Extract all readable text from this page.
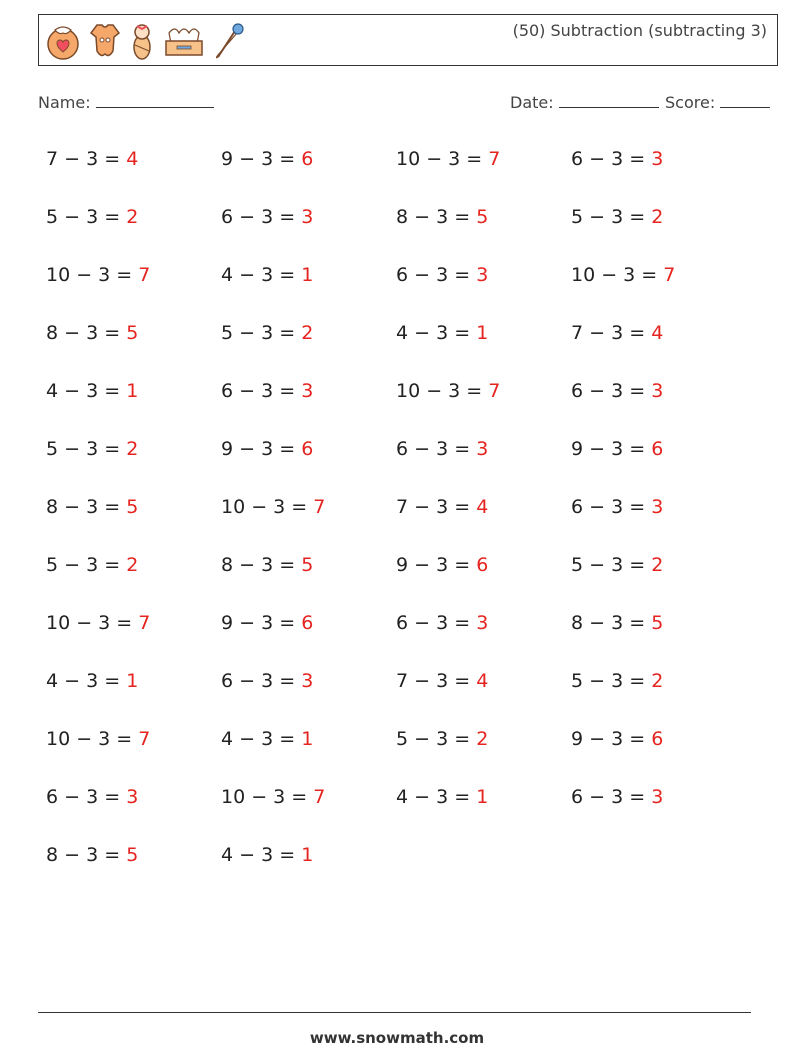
(50) Subtraction (subtracting 3)
Name:	Date:	Score:
7 − 3 = 4	9 − 3 = 6	10 − 3 = 7	6 − 3 = 3
5 − 3 = 2	6 − 3 = 3	8 − 3 = 5	5 − 3 = 2
10 − 3 = 7	4 − 3 = 1	6 − 3 = 3	10 − 3 = 7
8 − 3 = 5	5 − 3 = 2	4 − 3 = 1	7 − 3 = 4
4 − 3 = 1	6 − 3 = 3	10 − 3 = 7	6 − 3 = 3
5 − 3 = 2	9 − 3 = 6	6 − 3 = 3	9 − 3 = 6
8 − 3 = 5	10 − 3 = 7	7 − 3 = 4	6 − 3 = 3
5 − 3 = 2	8 − 3 = 5	9 − 3 = 6	5 − 3 = 2
10 − 3 = 7	9 − 3 = 6	6 − 3 = 3	8 − 3 = 5
4 − 3 = 1	6 − 3 = 3	7 − 3 = 4	5 − 3 = 2
10 − 3 = 7	4 − 3 = 1	5 − 3 = 2	9 − 3 = 6
6 − 3 = 3	10 − 3 = 7	4 − 3 = 1	6 − 3 = 3
8 − 3 = 5	4 − 3 = 1
www.snowmath.com
